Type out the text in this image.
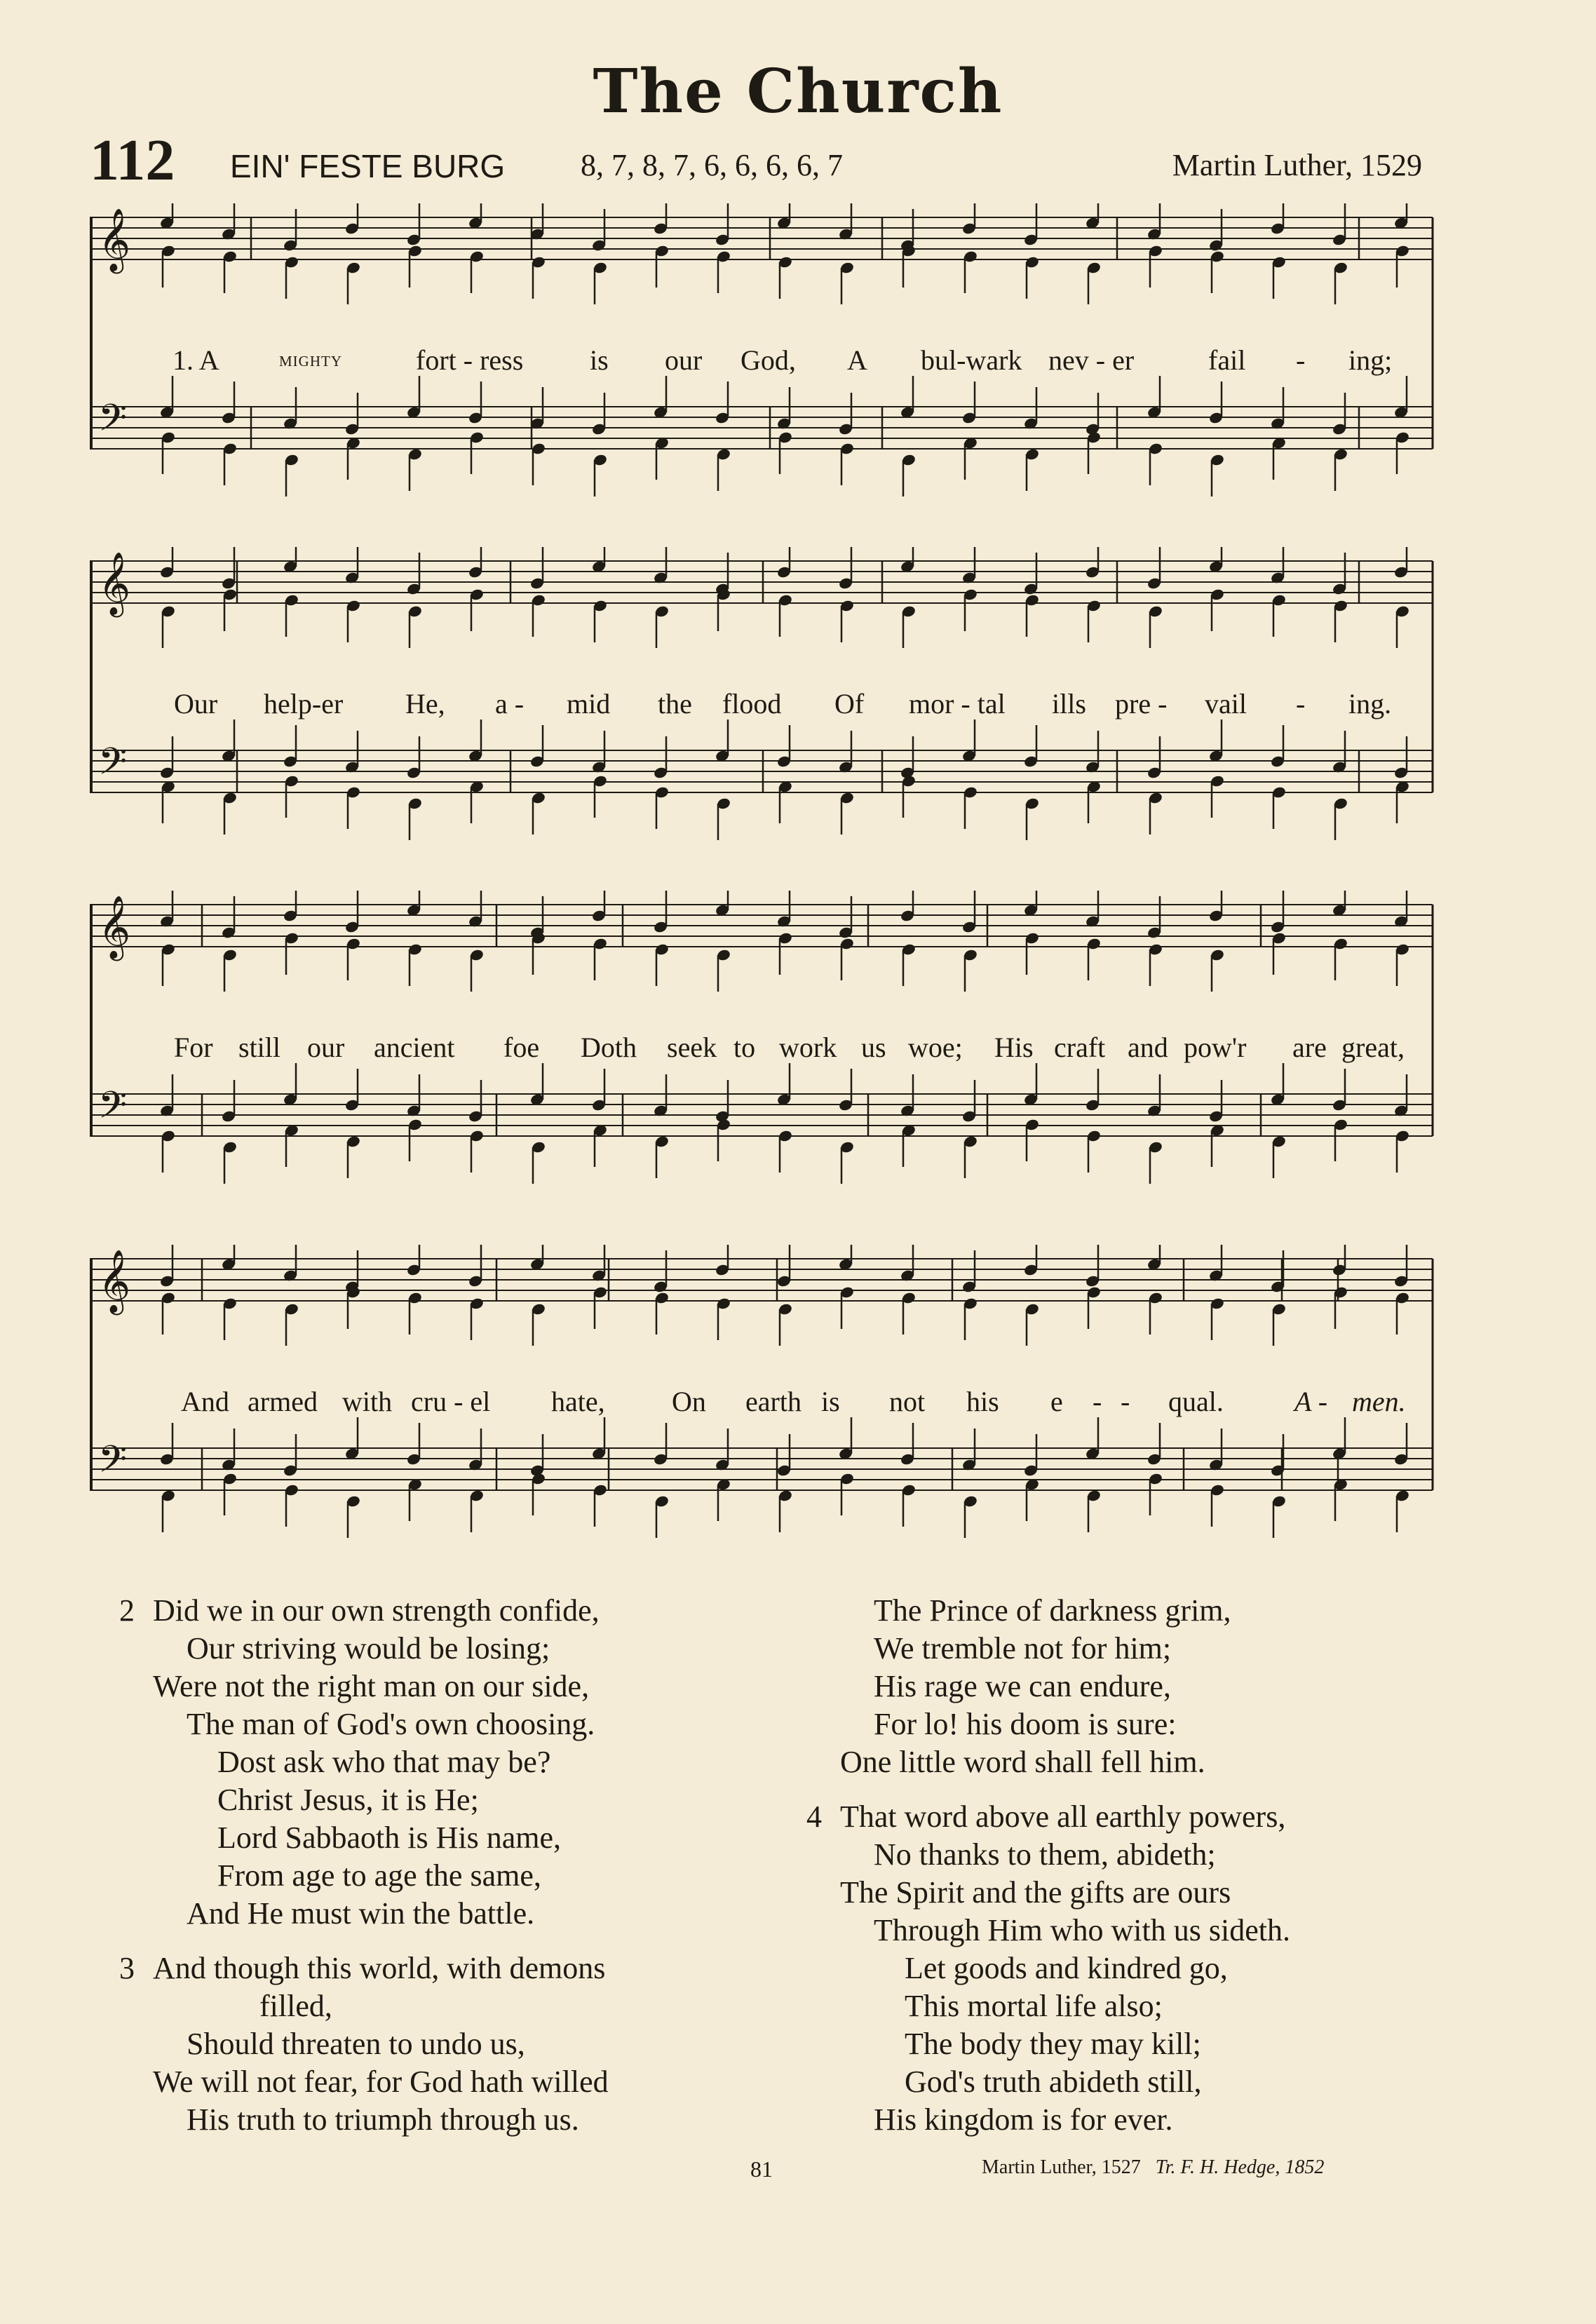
The Church
112 EIN' FESTE BURG 8, 7, 8, 7, 6, 6, 6, 6, 7	Martin Luther, 1529
𝄞
𝄢
1. A	mighty	fort - ress is our God, A bul-wark nev - er	fail - ing;
𝄞
𝄢
Our help-er He, a - mid the flood Of mor - tal ills pre - vail - ing.
𝄞
𝄢
For still our ancient foe Doth seek to work us woe; His craft and pow'r are great,
𝄞
𝄢
And armed with cru - el hate, On earth is not his e - - qual.	A - men.
2 Did we in our own strength confide,
Our striving would be losing;
Were not the right man on our side,
The man of God's own choosing.
Dost ask who that may be?
Christ Jesus, it is He;
Lord Sabbaoth is His name,
From age to age the same,
And He must win the battle.
3 And though this world, with demons
filled,
Should threaten to undo us,
We will not fear, for God hath willed
His truth to triumph through us.
The Prince of darkness grim,
We tremble not for him;
His rage we can endure,
For lo! his doom is sure:
One little word shall fell him.
4 That word above all earthly powers,
No thanks to them, abideth;
The Spirit and the gifts are ours
Through Him who with us sideth.
Let goods and kindred go,
This mortal life also;
The body they may kill;
God's truth abideth still,
His kingdom is for ever.
81	Martin Luther, 1527 Tr. F. H. Hedge, 1852
